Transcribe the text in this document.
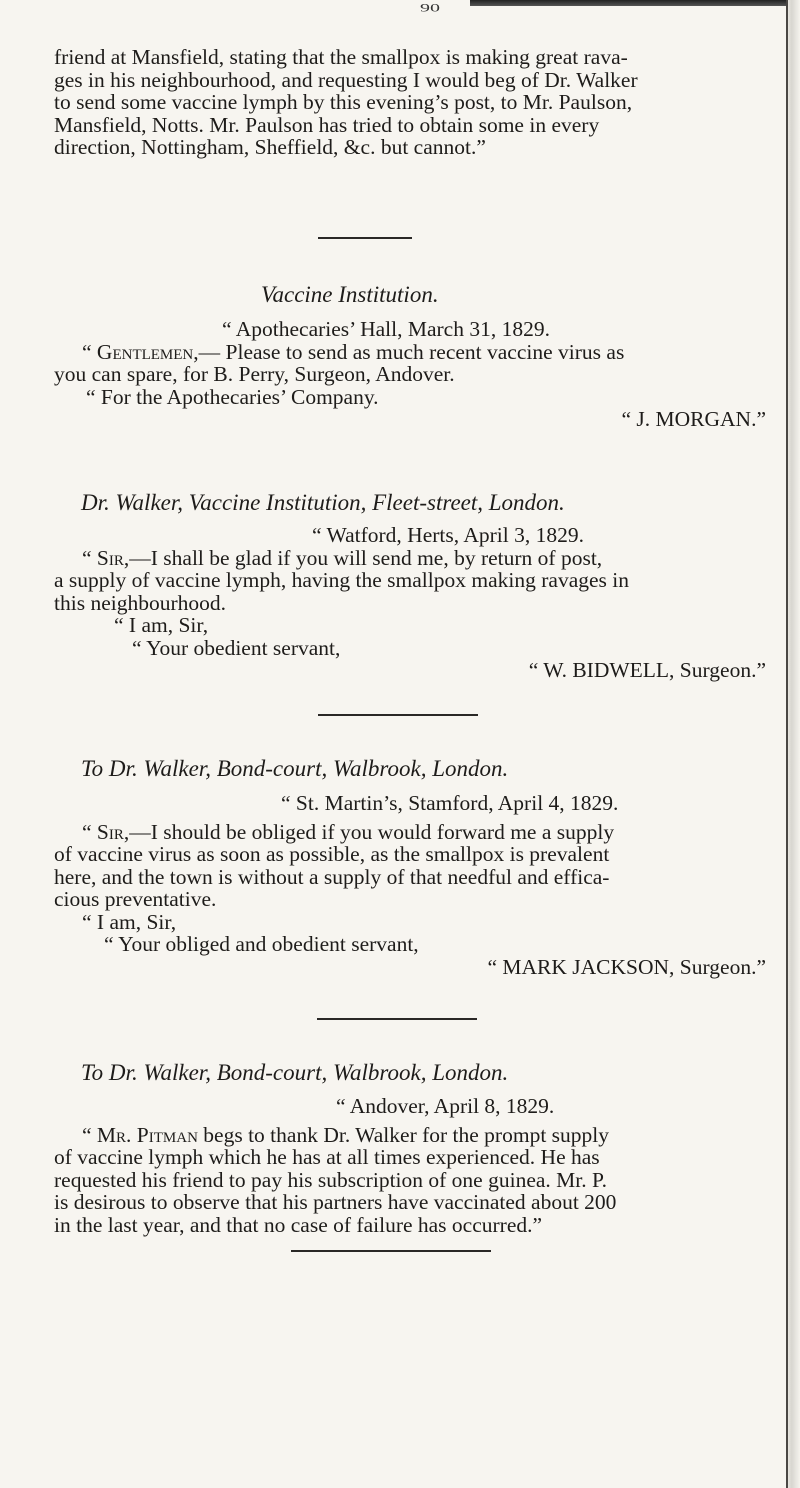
90

friend at Mansfield, stating that the smallpox is making great rava-

ges in his neighbourhood, and requesting I would beg of Dr. Walker

to send some vaccine lymph by this evening’s post, to Mr. Paulson,

Mansfield, Notts. Mr. Paulson has tried to obtain some in every

direction, Nottingham, Sheffield, &c. but cannot.”

Vaccine Institution.

“ Apothecaries’ Hall, March 31, 1829.

“ Gentlemen,— Please to send as much recent vaccine virus as

you can spare, for B. Perry, Surgeon, Andover.

“ For the Apothecaries’ Company.

“ J. MORGAN.”

Dr. Walker, Vaccine Institution, Fleet-street, London.

“ Watford, Herts, April 3, 1829.

“ Sir,—I shall be glad if you will send me, by return of post,

a supply of vaccine lymph, having the smallpox making ravages in

this neighbourhood.

“ I am, Sir,

“ Your obedient servant,

“ W. BIDWELL, Surgeon.”

To Dr. Walker, Bond-court, Walbrook, London.

“ St. Martin’s, Stamford, April 4, 1829.

“ Sir,—I should be obliged if you would forward me a supply

of vaccine virus as soon as possible, as the smallpox is prevalent

here, and the town is without a supply of that needful and effica-

cious preventative.

“ I am, Sir,

“ Your obliged and obedient servant,

“ MARK JACKSON, Surgeon.”

To Dr. Walker, Bond-court, Walbrook, London.

“ Andover, April 8, 1829.

“ Mr. Pitman begs to thank Dr. Walker for the prompt supply

of vaccine lymph which he has at all times experienced. He has

requested his friend to pay his subscription of one guinea. Mr. P.

is desirous to observe that his partners have vaccinated about 200

in the last year, and that no case of failure has occurred.”
